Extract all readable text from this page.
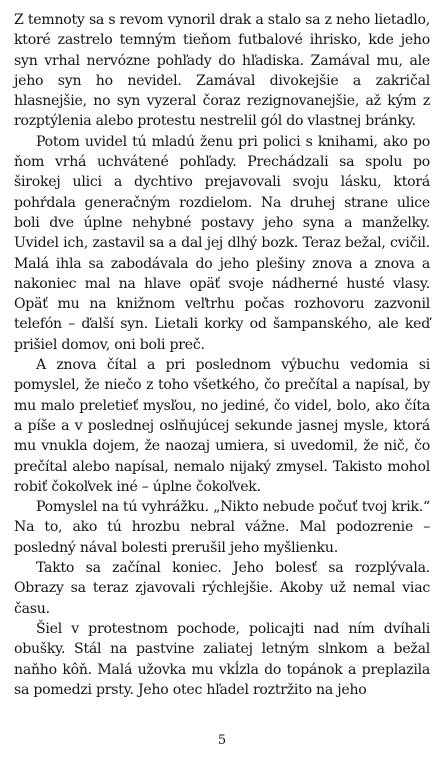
Z temnoty sa s revom vynoril drak a stalo sa z neho lietadlo, ktoré zastrelo temným tieňom futbalové ihrisko, kde jeho syn vrhal nervózne pohľady do hľadiska. Zamával mu, ale jeho syn ho nevidel. Zamával divokejšie a zakričal hlasnejšie, no syn vyzeral čoraz rezignovanejšie, až kým z rozptýlenia alebo protestu nestrelil gól do vlastnej bránky.

Potom uvidel tú mladú ženu pri polici s knihami, ako po ňom vrhá uchvátené pohľady. Prechádzali sa spolu po širokej ulici a dychtivo prejavovali svoju lásku, ktorá pohŕdala generačným rozdielom. Na druhej strane ulice boli dve úplne nehybné postavy jeho syna a manželky. Uvidel ich, zastavil sa a dal jej dlhý bozk. Teraz bežal, cvičil. Malá ihla sa zabodávala do jeho plešiny znova a znova a nakoniec mal na hlave opäť svoje nádherné husté vlasy. Opäť mu na knižnom veľtrhu počas rozhovoru zazvonil telefón – ďalší syn. Lietali korky od šampanského, ale keď prišiel domov, oni boli preč.

A znova čítal a pri poslednom výbuchu vedomia si pomyslel, že niečo z toho všetkého, čo prečítal a napísal, by mu malo preletieť mysľou, no jediné, čo videl, bolo, ako číta a píše a v poslednej oslňujúcej sekunde jasnej mysle, ktorá mu vnukla dojem, že naozaj umiera, si uvedomil, že nič, čo prečítal alebo napísal, nemalo nijaký zmysel. Takisto mohol robiť čokoľvek iné – úplne čokoľvek.

Pomyslel na tú vyhrážku. „Nikto nebude počuť tvoj krik.“ Na to, ako tú hrozbu nebral vážne. Mal podozrenie – posledný nával bolesti prerušil jeho myšlienku.

Takto sa začínal koniec. Jeho bolesť sa rozplývala. Obrazy sa teraz zjavovali rýchlejšie. Akoby už nemal viac času.

Šiel v protestnom pochode, policajti nad ním dvíhali obušky. Stál na pastvine zaliatej letným slnkom a bežal naňho kôň. Malá užovka mu vkĺzla do topánok a preplazila sa pomedzi prsty. Jeho otec hľadel roztržito na jeho

5
